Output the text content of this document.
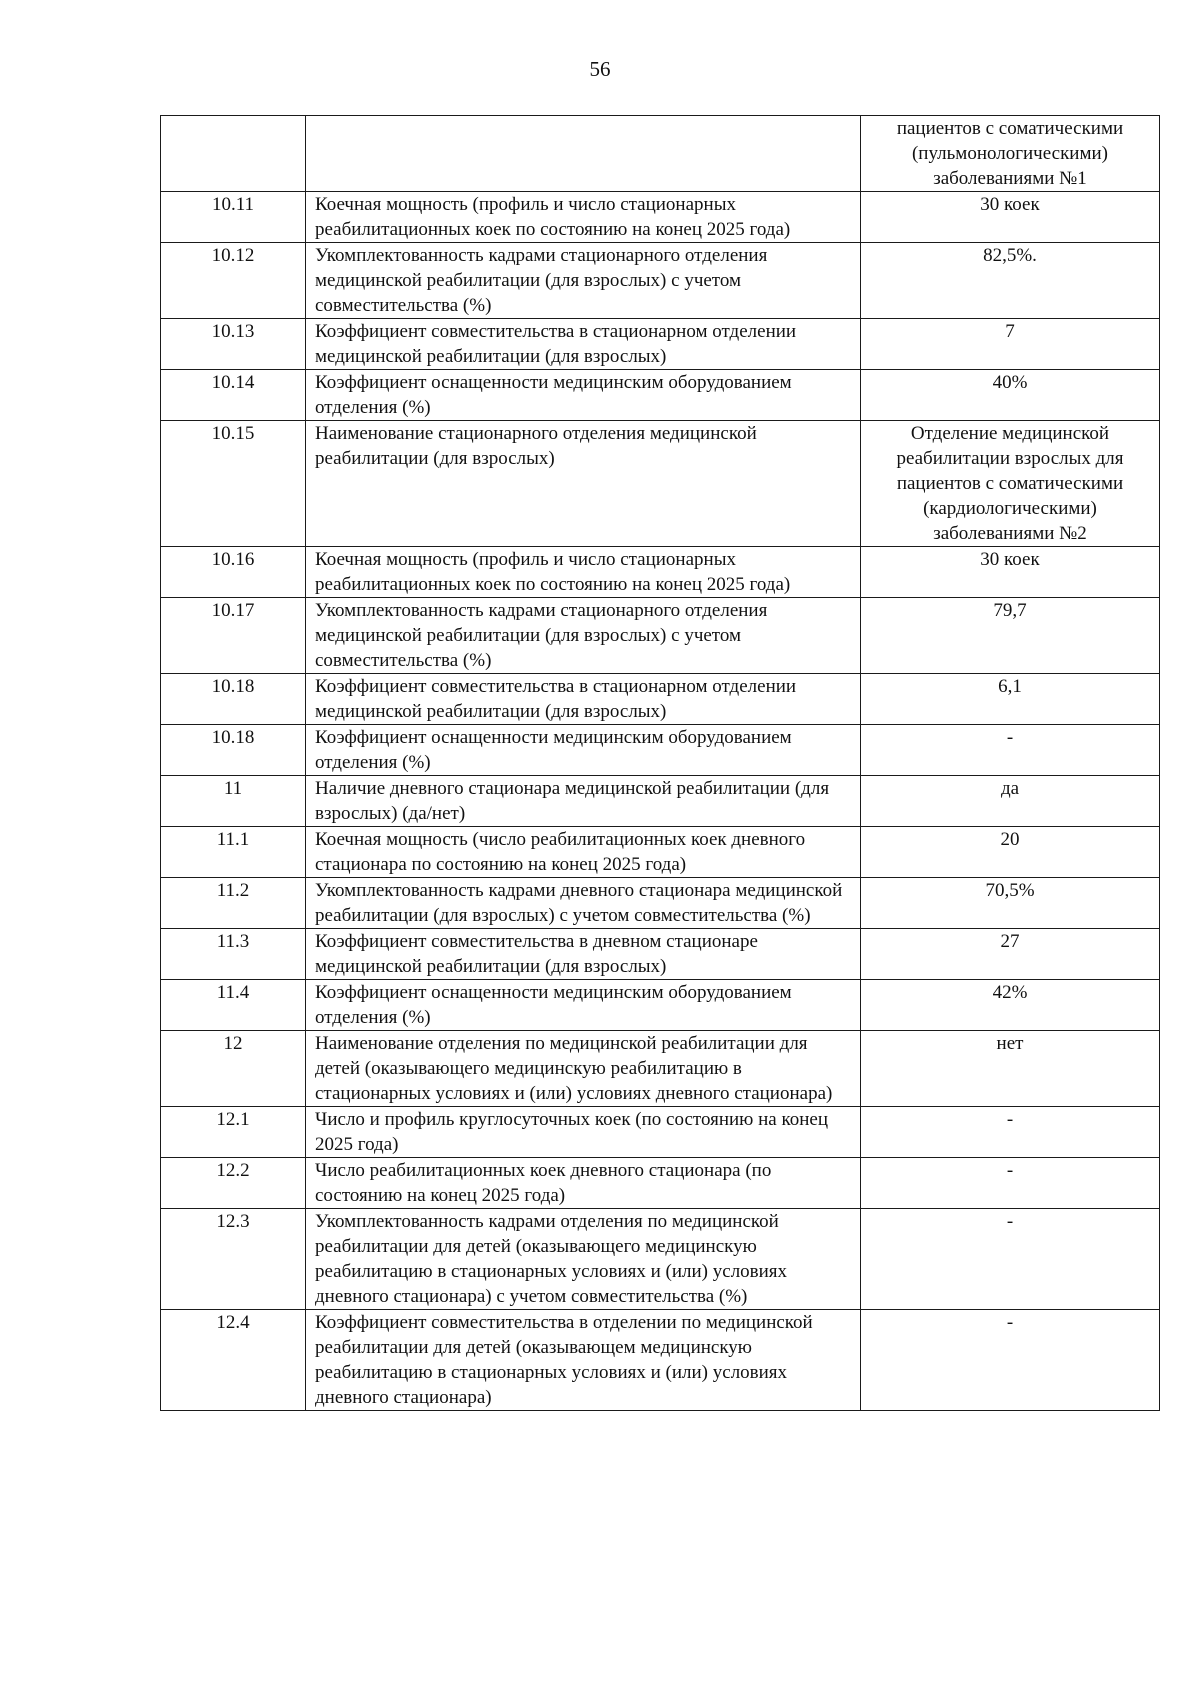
56
		пациентов с соматическими (пульмонологическими) заболеваниями №1
10.11	Коечная мощность (профиль и число стационарных реабилитационных коек по состоянию на конец 2025 года)	30 коек
10.12	Укомплектованность кадрами стационарного отделения медицинской реабилитации (для взрослых) с учетом совместительства (%)	82,5%.
10.13	Коэффициент совместительства в стационарном отделении медицинской реабилитации (для взрослых)	7
10.14	Коэффициент оснащенности медицинским оборудованием отделения (%)	40%
10.15	Наименование стационарного отделения медицинской реабилитации (для взрослых)	Отделение медицинской реабилитации взрослых для пациентов с соматическими (кардиологическими) заболеваниями №2
10.16	Коечная мощность (профиль и число стационарных реабилитационных коек по состоянию на конец 2025 года)	30 коек
10.17	Укомплектованность кадрами стационарного отделения медицинской реабилитации (для взрослых) с учетом совместительства (%)	79,7
10.18	Коэффициент совместительства в стационарном отделении медицинской реабилитации (для взрослых)	6,1
10.18	Коэффициент оснащенности медицинским оборудованием отделения (%)	-
11	Наличие дневного стационара медицинской реабилитации (для взрослых) (да/нет)	да
11.1	Коечная мощность (число реабилитационных коек дневного стационара по состоянию на конец 2025 года)	20
11.2	Укомплектованность кадрами дневного стационара медицинской реабилитации (для взрослых) с учетом совместительства (%)	70,5%
11.3	Коэффициент совместительства в дневном стационаре медицинской реабилитации (для взрослых)	27
11.4	Коэффициент оснащенности медицинским оборудованием отделения (%)	42%
12	Наименование отделения по медицинской реабилитации для детей (оказывающего медицинскую реабилитацию в стационарных условиях и (или) условиях дневного стационара)	нет
12.1	Число и профиль круглосуточных коек (по состоянию на конец 2025 года)	-
12.2	Число реабилитационных коек дневного стационара (по состоянию на конец 2025 года)	-
12.3	Укомплектованность кадрами отделения по медицинской реабилитации для детей (оказывающего медицинскую реабилитацию в стационарных условиях и (или) условиях дневного стационара) с учетом совместительства (%)	-
12.4	Коэффициент совместительства в отделении по медицинской реабилитации для детей (оказывающем медицинскую реабилитацию в стационарных условиях и (или) условиях дневного стационара)	-
